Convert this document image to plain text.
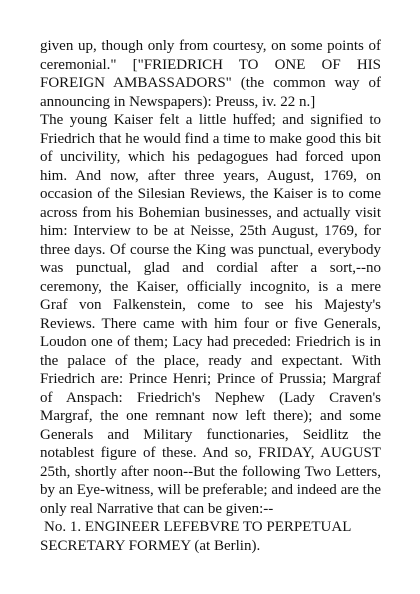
given up, though only from courtesy, on some points of ceremonial." ["FRIEDRICH TO ONE OF HIS FOREIGN AMBASSADORS" (the common way of announcing in Newspapers): Preuss, iv. 22 n.]

The young Kaiser felt a little huffed; and signified to Friedrich that he would find a time to make good this bit of uncivility, which his pedagogues had forced upon him. And now, after three years, August, 1769, on occasion of the Silesian Reviews, the Kaiser is to come across from his Bohemian businesses, and actually visit him: Interview to be at Neisse, 25th August, 1769, for three days. Of course the King was punctual, everybody was punctual, glad and cordial after a sort,--no ceremony, the Kaiser, officially incognito, is a mere Graf von Falkenstein, come to see his Majesty's Reviews. There came with him four or five Generals, Loudon one of them; Lacy had preceded: Friedrich is in the palace of the place, ready and expectant. With Friedrich are: Prince Henri; Prince of Prussia; Margraf of Anspach: Friedrich's Nephew (Lady Craven's Margraf, the one remnant now left there); and some Generals and Military functionaries, Seidlitz the notablest figure of these. And so, FRIDAY, AUGUST 25th, shortly after noon--But the following Two Letters, by an Eye-witness, will be preferable; and indeed are the only real Narrative that can be given:--

No. 1. ENGINEER LEFEBVRE TO PERPETUAL SECRETARY FORMEY (at Berlin).
